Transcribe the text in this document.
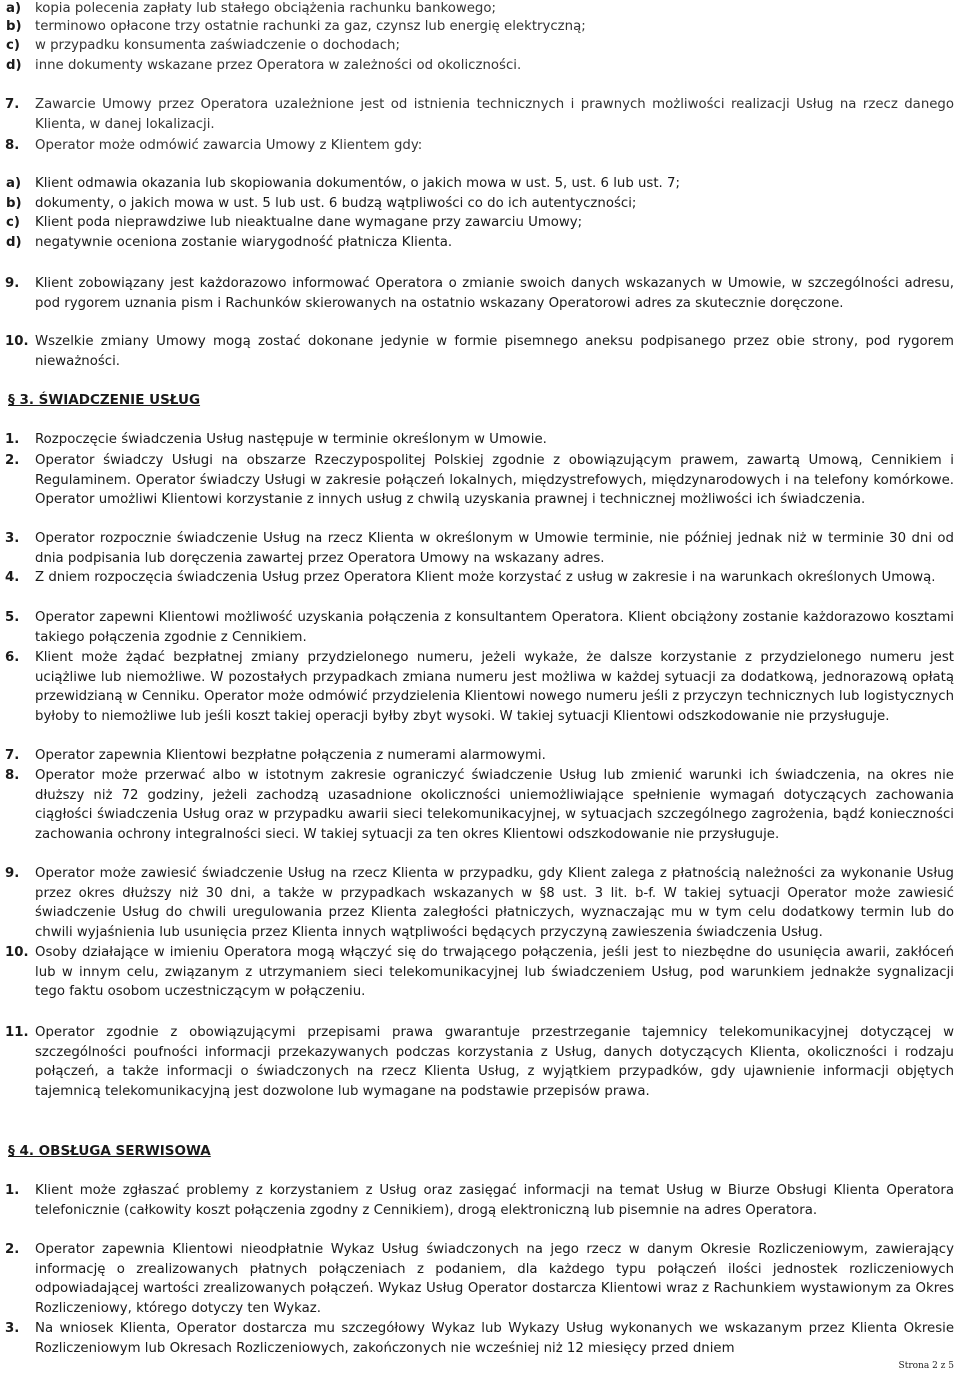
a)	kopia polecenia zapłaty lub stałego obciążenia rachunku bankowego;
b)	terminowo opłacone trzy ostatnie rachunki za gaz, czynsz lub energię elektryczną;
c)	w przypadku konsumenta zaświadczenie o dochodach;
d)	inne dokumenty wskazane przez Operatora w zależności od okoliczności.
7.	Zawarcie Umowy przez Operatora uzależnione jest od istnienia technicznych i prawnych możliwości realizacji Usług na rzecz danego Klienta, w danej lokalizacji.
8.	Operator może odmówić zawarcia Umowy z Klientem gdy:
a)	Klient odmawia okazania lub skopiowania dokumentów, o jakich mowa w ust. 5, ust. 6 lub ust. 7;
b)	dokumenty, o jakich mowa w ust. 5 lub ust. 6 budzą wątpliwości co do ich autentyczności;
c)	Klient poda nieprawdziwe lub nieaktualne dane wymagane przy zawarciu Umowy;
d)	negatywnie oceniona zostanie wiarygodność płatnicza Klienta.
9.	Klient zobowiązany jest każdorazowo informować Operatora o zmianie swoich danych wskazanych w Umowie, w szczególności adresu, pod rygorem uznania pism i Rachunków skierowanych na ostatnio wskazany Operatorowi adres za skutecznie doręczone.
10. Wszelkie zmiany Umowy mogą zostać dokonane jedynie w formie pisemnego aneksu podpisanego przez obie strony, pod rygorem nieważności.
§ 3. ŚWIADCZENIE USŁUG
1.	Rozpoczęcie świadczenia Usług następuje w terminie określonym w Umowie.
2.	Operator świadczy Usługi na obszarze Rzeczypospolitej Polskiej zgodnie z obowiązującym prawem, zawartą Umową, Cennikiem i Regulaminem. Operator świadczy Usługi w zakresie połączeń lokalnych, międzystrefowych, międzynarodowych i na telefony komórkowe. Operator umożliwi Klientowi korzystanie z innych usług z chwilą uzyskania prawnej i technicznej możliwości ich świadczenia.
3.	Operator rozpocznie świadczenie Usług na rzecz Klienta w określonym w Umowie terminie, nie później jednak niż w terminie 30 dni od dnia podpisania lub doręczenia zawartej przez Operatora Umowy na wskazany adres.
4.	Z dniem rozpoczęcia świadczenia Usług przez Operatora Klient może korzystać z usług w zakresie i na warunkach określonych Umową.
5.	Operator zapewni Klientowi możliwość uzyskania połączenia z konsultantem Operatora. Klient obciążony zostanie każdorazowo kosztami takiego połączenia zgodnie z Cennikiem.
6.	Klient może żądać bezpłatnej zmiany przydzielonego numeru, jeżeli wykaże, że dalsze korzystanie z przydzielonego numeru jest uciążliwe lub niemożliwe. W pozostałych przypadkach zmiana numeru jest możliwa w każdej sytuacji za dodatkową, jednorazową opłatą przewidzianą w Cenniku. Operator może odmówić przydzielenia Klientowi nowego numeru jeśli z przyczyn technicznych lub logistycznych byłoby to niemożliwe lub jeśli koszt takiej operacji byłby zbyt wysoki. W takiej sytuacji Klientowi odszkodowanie nie przysługuje.
7.	Operator zapewnia Klientowi bezpłatne połączenia z numerami alarmowymi.
8.	Operator może przerwać albo w istotnym zakresie ograniczyć świadczenie Usług lub zmienić warunki ich świadczenia, na okres nie dłuższy niż 72 godziny, jeżeli zachodzą uzasadnione okoliczności uniemożliwiające spełnienie wymagań dotyczących zachowania ciągłości świadczenia Usług oraz w przypadku awarii sieci telekomunikacyjnej, w sytuacjach szczególnego zagrożenia, bądź konieczności zachowania ochrony integralności sieci. W takiej sytuacji za ten okres Klientowi odszkodowanie nie przysługuje.
9.	Operator może zawiesić świadczenie Usług na rzecz Klienta w przypadku, gdy Klient zalega z płatnością należności za wykonanie Usług przez okres dłuższy niż 30 dni, a także w przypadkach wskazanych w §8 ust. 3 lit. b-f. W takiej sytuacji Operator może zawiesić świadczenie Usług do chwili uregulowania przez Klienta zaległości płatniczych, wyznaczając mu w tym celu dodatkowy termin lub do chwili wyjaśnienia lub usunięcia przez Klienta innych wątpliwości będących przyczyną zawieszenia świadczenia Usług.
10. Osoby działające w imieniu Operatora mogą włączyć się do trwającego połączenia, jeśli jest to niezbędne do usunięcia awarii, zakłóceń lub w innym celu, związanym z utrzymaniem sieci telekomunikacyjnej lub świadczeniem Usług, pod warunkiem jednakże sygnalizacji tego faktu osobom uczestniczącym w połączeniu.
11. Operator zgodnie z obowiązującymi przepisami prawa gwarantuje przestrzeganie tajemnicy telekomunikacyjnej dotyczącej w szczególności poufności informacji przekazywanych podczas korzystania z Usług, danych dotyczących Klienta, okoliczności i rodzaju połączeń, a także informacji o świadczonych na rzecz Klienta Usług, z wyjątkiem przypadków, gdy ujawnienie informacji objętych tajemnicą telekomunikacyjną jest dozwolone lub wymagane na podstawie przepisów prawa.
§ 4. OBSŁUGA SERWISOWA
1.	Klient może zgłaszać problemy z korzystaniem z Usług oraz zasięgać informacji na temat Usług w Biurze Obsługi Klienta Operatora telefonicznie (całkowity koszt połączenia zgodny z Cennikiem), drogą elektroniczną lub pisemnie na adres Operatora.
2.	Operator zapewnia Klientowi nieodpłatnie Wykaz Usług świadczonych na jego rzecz w danym Okresie Rozliczeniowym, zawierający informację o zrealizowanych płatnych połączeniach z podaniem, dla każdego typu połączeń ilości jednostek rozliczeniowych odpowiadającej wartości zrealizowanych połączeń. Wykaz Usług Operator dostarcza Klientowi wraz z Rachunkiem wystawionym za Okres Rozliczeniowy, którego dotyczy ten Wykaz.
3.	Na wniosek Klienta, Operator dostarcza mu szczegółowy Wykaz lub Wykazy Usług wykonanych we wskazanym przez Klienta Okresie Rozliczeniowym lub Okresach Rozliczeniowych, zakończonych nie wcześniej niż 12 miesięcy przed dniem
Strona 2 z 5
